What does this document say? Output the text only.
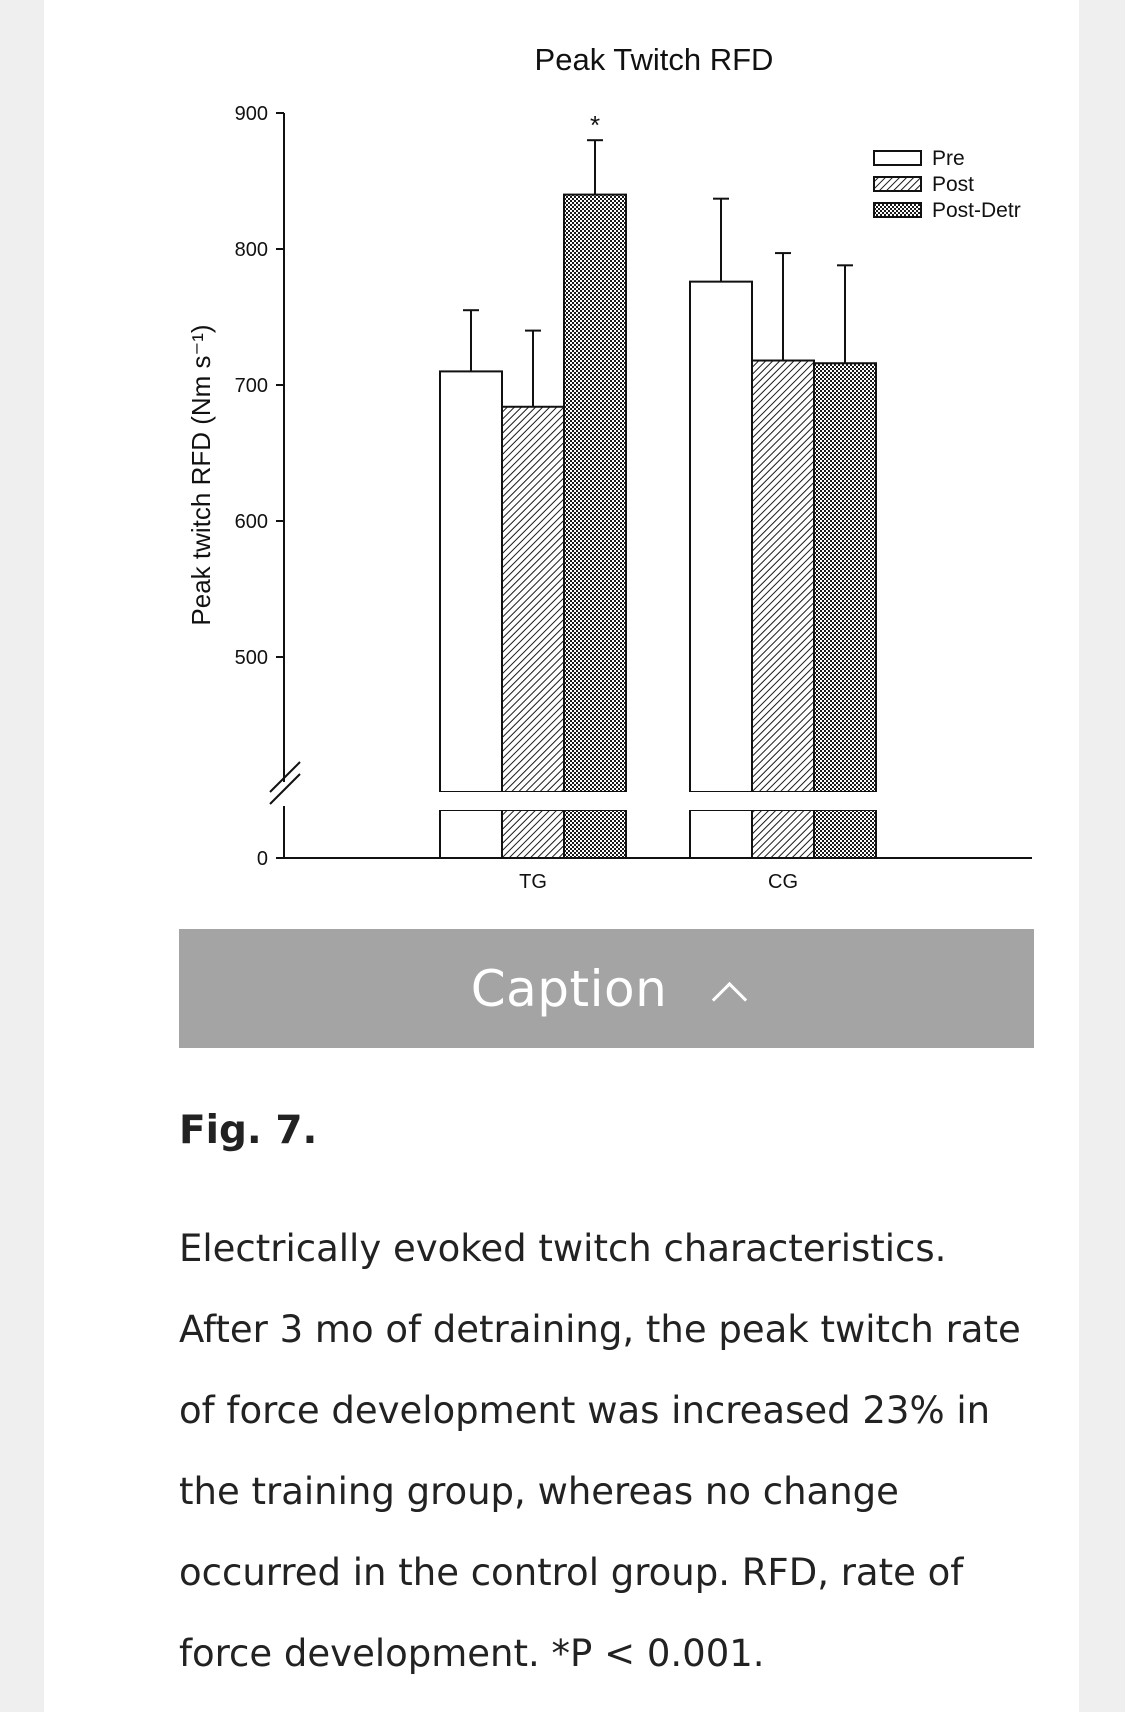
Peak Twitch RFD
Peak twitch RFD (Nm s⁻¹)
0
500
600
700
800
900	*
TG	CG
Pre
Post
Post-Detr
Caption
Fig. 7.

Electrically evoked twitch characteristics. After 3 mo of detraining, the peak twitch rate of force development was increased 23% in the training group, whereas no change occurred in the control group. RFD, rate of force development. *P < 0.001.
